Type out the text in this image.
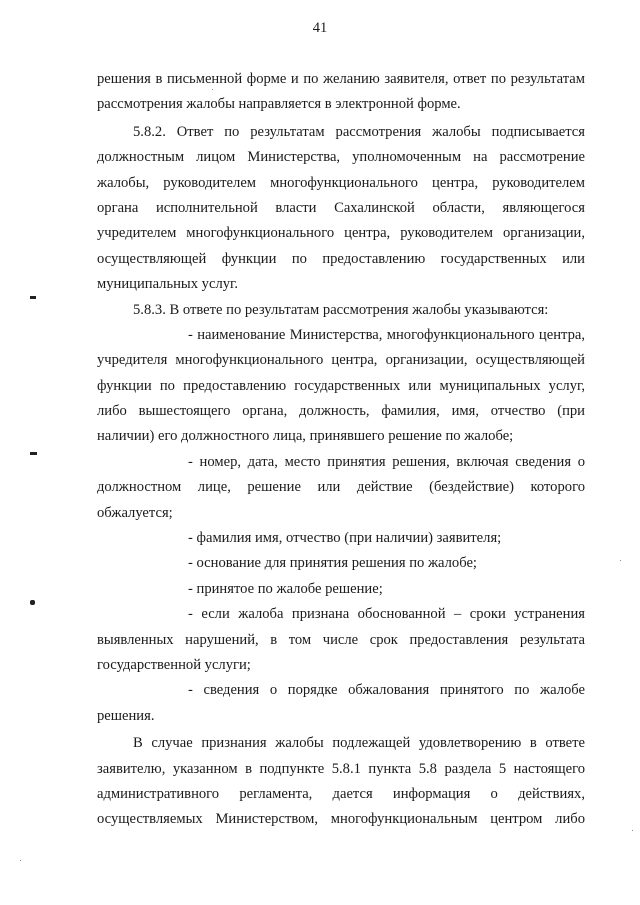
41
решения в письменной форме и по желанию заявителя, ответ по результатам
рассмотрения жалобы направляется в электронной форме.
5.8.2. Ответ по результатам рассмотрения жалобы подписывается
должностным лицом Министерства, уполномоченным на рассмотрение
жалобы, руководителем многофункционального центра, руководителем
органа исполнительной власти Сахалинской области, являющегося
учредителем многофункционального центра, руководителем организации,
осуществляющей функции по предоставлению государственных или
муниципальных услуг.
5.8.3. В ответе по результатам рассмотрения жалобы указываются:
- наименование Министерства, многофункционального центра,
учредителя многофункционального центра, организации, осуществляющей
функции по предоставлению государственных или муниципальных услуг,
либо вышестоящего органа, должность, фамилия, имя, отчество (при
наличии) его должностного лица, принявшего решение по жалобе;
- номер, дата, место принятия решения, включая сведения о
должностном лице, решение или действие (бездействие) которого
обжалуется;
- фамилия имя, отчество (при наличии) заявителя;
- основание для принятия решения по жалобе;
- принятое по жалобе решение;
- если жалоба признана обоснованной – сроки устранения
выявленных нарушений, в том числе срок предоставления результата
государственной услуги;
- сведения о порядке обжалования принятого по жалобе
решения.
В случае признания жалобы подлежащей удовлетворению в ответе
заявителю, указанном в подпункте 5.8.1 пункта 5.8 раздела 5 настоящего
административного регламента, дается информация о действиях,
осуществляемых Министерством, многофункциональным центром либо
